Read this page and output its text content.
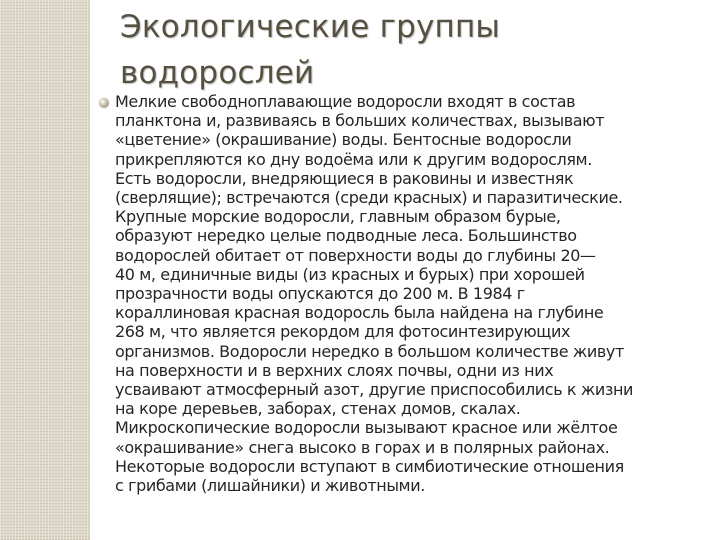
Экологические группы
водорослей

Мелкие свободноплавающие водоросли входят в состав
планктона и, развиваясь в больших количествах, вызывают
«цветение» (окрашивание) воды. Бентосные водоросли
прикрепляются ко дну водоёма или к другим водорослям.
Есть водоросли, внедряющиеся в раковины и известняк
(сверлящие); встречаются (среди красных) и паразитические.
Крупные морские водоросли, главным образом бурые,
образуют нередко целые подводные леса. Большинство
водорослей обитает от поверхности воды до глубины 20—
40 м, единичные виды (из красных и бурых) при хорошей
прозрачности воды опускаются до 200 м. В 1984 г
кораллиновая красная водоросль была найдена на глубине
268 м, что является рекордом для фотосинтезирующих
организмов. Водоросли нередко в большом количестве живут
на поверхности и в верхних слоях почвы, одни из них
усваивают атмосферный азот, другие приспособились к жизни
на коре деревьев, заборах, стенах домов, скалах.
Микроскопические водоросли вызывают красное или жёлтое
«окрашивание» снега высоко в горах и в полярных районах.
Некоторые водоросли вступают в симбиотические отношения
с грибами (лишайники) и животными.
